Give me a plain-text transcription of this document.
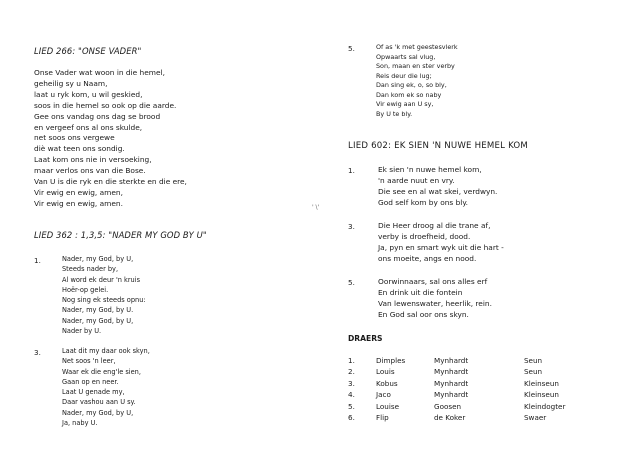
LIED 266: "ONSE VADER"
Onse Vader wat woon in die hemel,
geheilig sy u Naam,
laat u ryk kom, u wil geskied,
soos in die hemel so ook op die aarde.
Gee ons vandag ons dag se brood
en vergeef ons al ons skulde,
net soos ons vergewe
diè wat teen ons sondig.
Laat kom ons nie in versoeking,
maar verlos ons van die Bose.
Van U is die ryk en die sterkte en die ere,
Vir ewig en ewig, amen,
Vir ewig en ewig, amen.
LIED 362 : 1,3,5: "NADER MY GOD BY U"
1.	Nader, my God, by U,
Steeds nader by,
Al word ek deur 'n kruis
Hoër-op gelei.
Nog sing ek steeds opnu:
Nader, my God, by U.
Nader, my God, by U,
Nader by U.
3.	Laat dit my daar ook skyn,
Net soos 'n leer,
Waar ek die eng'le sien,
Gaan op en neer.
Laat U genade my,
Daar vashou aan U sy.
Nader, my God, by U,
Ja, naby U.
' \'
5.	Of as 'k met geestesvlerk
Opwaarts sal vlug,
Son, maan en ster verby
Reis deur die lug;
Dan sing ek, o, so bly,
Dan kom ek so naby
Vir ewig aan U sy,
By U te bly.
LIED 602: EK SIEN 'N NUWE HEMEL KOM
1.	Ek sien 'n nuwe hemel kom,
'n aarde nuut en vry.
Die see en al wat skei, verdwyn.
God self kom by ons bly.
3.	Die Heer droog al die trane af,
verby is droefheid, dood.
Ja, pyn en smart wyk uit die hart -
ons moeite, angs en nood.
5.	Oorwinnaars, sal ons alles erf
En drink uit die fontein
Van lewenswater, heerlik, rein.
En God sal oor ons skyn.
DRAERS
1.	Dimples	Mynhardt	Seun
2.	Louis	Mynhardt	Seun
3.	Kobus	Mynhardt	Kleinseun
4.	Jaco	Mynhardt	Kleinseun
5.	Louise	Goosen	Kleindogter
6.	Flip	de Koker	Swaer
